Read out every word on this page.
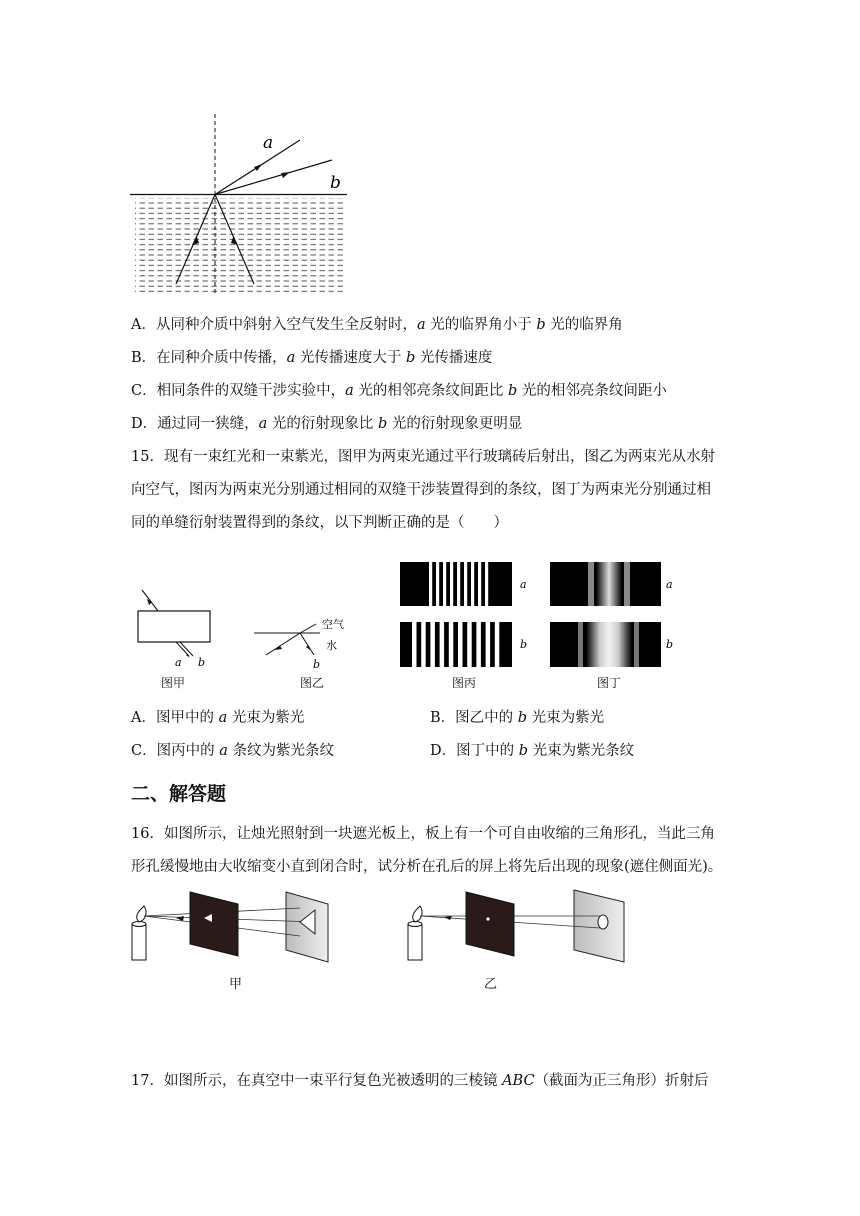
a
b
A．从同种介质中斜射入空气发生全反射时，a 光的临界角小于 b 光的临界角
B．在同种介质中传播，a 光传播速度大于 b 光传播速度
C．相同条件的双缝干涉实验中，a 光的相邻亮条纹间距比 b 光的相邻亮条纹间距小
D．通过同一狭缝，a 光的衍射现象比 b 光的衍射现象更明显
15．现有一束红光和一束紫光，图甲为两束光通过平行玻璃砖后射出，图乙为两束光从水射
向空气，图丙为两束光分别通过相同的双缝干涉装置得到的条纹，图丁为两束光分别通过相
同的单缝衍射装置得到的条纹，以下判断正确的是（　　）
a b
图甲
空气
水
b
图乙
a
b
图丙
a
b
图丁
A．图甲中的 a 光束为紫光	B．图乙中的 b 光束为紫光
C．图丙中的 a 条纹为紫光条纹	D．图丁中的 b 光束为紫光条纹
二、解答题
16．如图所示，让烛光照射到一块遮光板上，板上有一个可自由收缩的三角形孔，当此三角
形孔缓慢地由大收缩变小直到闭合时，试分析在孔后的屏上将先后出现的现象(遮住侧面光)。
甲	乙
17．如图所示，在真空中一束平行复色光被透明的三棱镜 ABC（截面为正三角形）折射后
